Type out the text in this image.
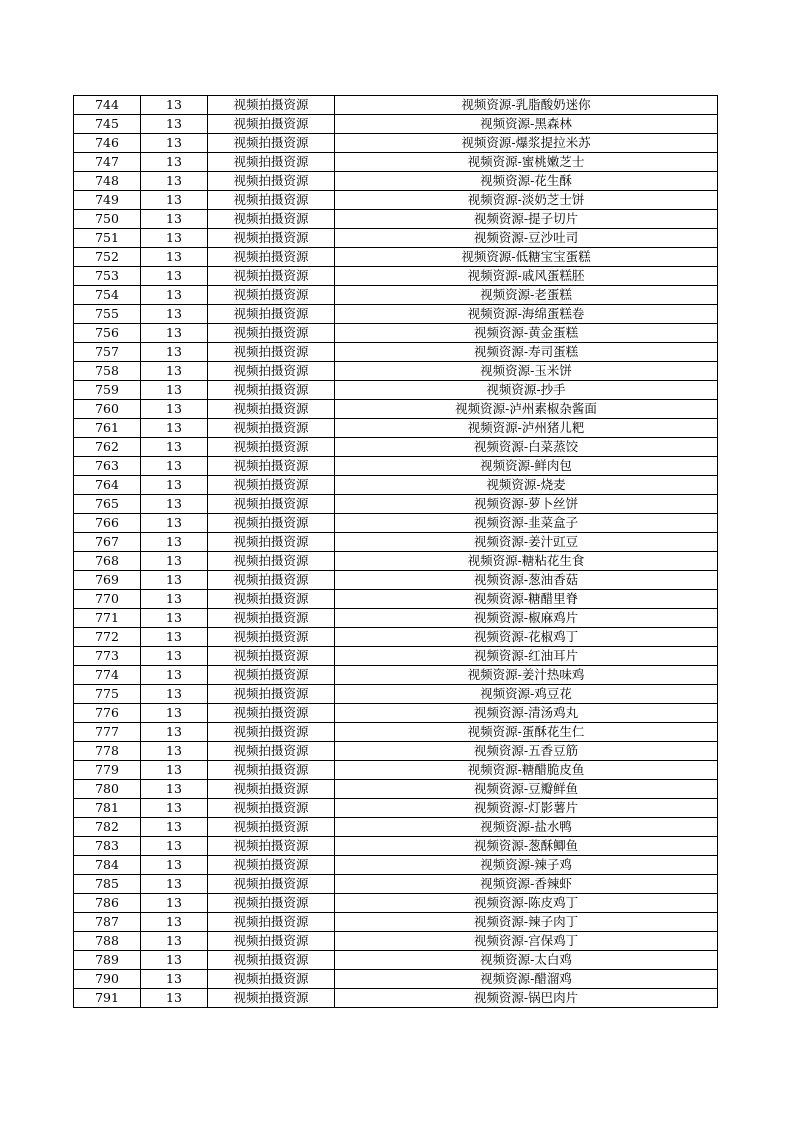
744	13	视频拍摄资源	视频资源-乳脂酸奶迷你
745	13	视频拍摄资源	视频资源-黑森林
746	13	视频拍摄资源	视频资源-爆浆提拉米苏
747	13	视频拍摄资源	视频资源-蜜桃嫩芝士
748	13	视频拍摄资源	视频资源-花生酥
749	13	视频拍摄资源	视频资源-淡奶芝士饼
750	13	视频拍摄资源	视频资源-提子切片
751	13	视频拍摄资源	视频资源-豆沙吐司
752	13	视频拍摄资源	视频资源-低糖宝宝蛋糕
753	13	视频拍摄资源	视频资源-戚风蛋糕胚
754	13	视频拍摄资源	视频资源-老蛋糕
755	13	视频拍摄资源	视频资源-海绵蛋糕卷
756	13	视频拍摄资源	视频资源-黄金蛋糕
757	13	视频拍摄资源	视频资源-寿司蛋糕
758	13	视频拍摄资源	视频资源-玉米饼
759	13	视频拍摄资源	视频资源-抄手
760	13	视频拍摄资源	视频资源-泸州素椒杂酱面
761	13	视频拍摄资源	视频资源-泸州猪儿粑
762	13	视频拍摄资源	视频资源-白菜蒸饺
763	13	视频拍摄资源	视频资源-鲜肉包
764	13	视频拍摄资源	视频资源-烧麦
765	13	视频拍摄资源	视频资源-萝卜丝饼
766	13	视频拍摄资源	视频资源-韭菜盒子
767	13	视频拍摄资源	视频资源-姜汁豇豆
768	13	视频拍摄资源	视频资源-糖粘花生食
769	13	视频拍摄资源	视频资源-葱油香菇
770	13	视频拍摄资源	视频资源-糖醋里脊
771	13	视频拍摄资源	视频资源-椒麻鸡片
772	13	视频拍摄资源	视频资源-花椒鸡丁
773	13	视频拍摄资源	视频资源-红油耳片
774	13	视频拍摄资源	视频资源-姜汁热味鸡
775	13	视频拍摄资源	视频资源-鸡豆花
776	13	视频拍摄资源	视频资源-清汤鸡丸
777	13	视频拍摄资源	视频资源-蛋酥花生仁
778	13	视频拍摄资源	视频资源-五香豆筋
779	13	视频拍摄资源	视频资源-糖醋脆皮鱼
780	13	视频拍摄资源	视频资源-豆瓣鲜鱼
781	13	视频拍摄资源	视频资源-灯影薯片
782	13	视频拍摄资源	视频资源-盐水鸭
783	13	视频拍摄资源	视频资源-葱酥鲫鱼
784	13	视频拍摄资源	视频资源-辣子鸡
785	13	视频拍摄资源	视频资源-香辣虾
786	13	视频拍摄资源	视频资源-陈皮鸡丁
787	13	视频拍摄资源	视频资源-辣子肉丁
788	13	视频拍摄资源	视频资源-宫保鸡丁
789	13	视频拍摄资源	视频资源-太白鸡
790	13	视频拍摄资源	视频资源-醋溜鸡
791	13	视频拍摄资源	视频资源-锅巴肉片
